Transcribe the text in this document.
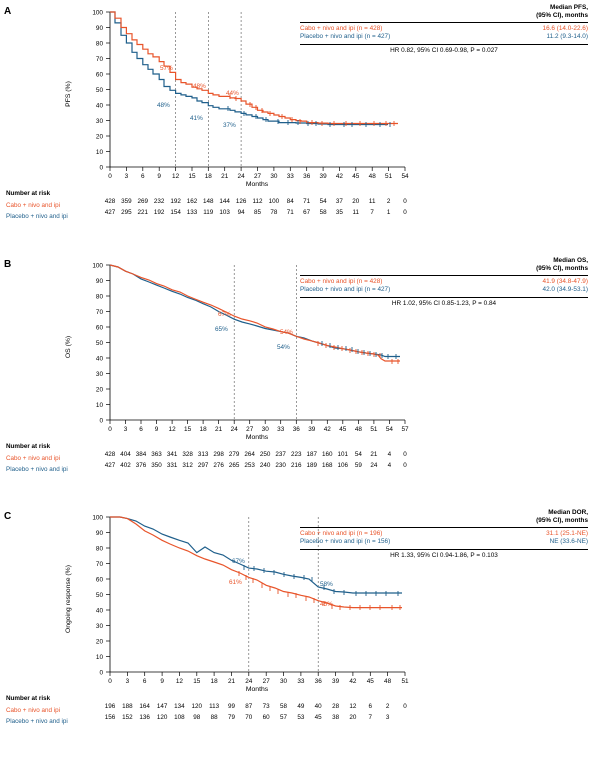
A
0
10
20
30
40
50
60
70
80
90
100
PFS (%)
0 3 6 9 12 15 18 21 24 27 30 33 36 39 42 45 48 51 54
Months
57%
48%
48%
41%
44%
37%
Median PFS,
(95% CI), months
Cabo + nivo and ipi (n = 428)	16.6 (14.0-22.6)
Placebo + nivo and ipi (n = 427)	11.2 (9.3-14.0)
HR 0.82, 95% CI 0.69-0.98, P = 0.027
Number at risk
Cabo + nivo and ipi
428 359 269 232 192 162 148 144 126 112 100 84 71 54 37 20 11 2 0
Placebo + nivo and ipi
427 295 221 192 154 133 119 103 94 85 78 71 67 58 35 11 7 1 0
B
0
10
20
30
40
50
60
70
80
90
100
OS (%)
0 3 6 9 12 15 18 21 24 27 30 33 36 39 42 45 48 51 54 57
Months
67%
65%	54%
54%
Median OS,
(95% CI), months
Cabo + nivo and ipi (n = 428)	41.9 (34.8-47.9)
Placebo + nivo and ipi (n = 427)	42.0 (34.9-53.1)
HR 1.02, 95% CI 0.85-1.23, P = 0.84
Number at risk
Cabo + nivo and ipi
428 404 384 363 341 328 313 298 279 264 250 237 223 187 160 101 54 21 4 0
Placebo + nivo and ipi
427 402 376 350 331 312 297 276 265 253 240 230 216 189 168 106 59 24 4 0
C
0
10
20
30
40
50
60
70
80
90
100
Ongoing response (%)
0 3 6 9 12 15 18 21 24 27 30 33 36 39 42 45 48 51
Months
67%
61%	58%
46%
Median DOR,
(95% CI), months
Cabo + nivo and ipi (n = 196)	31.1 (25.1-NE)
Placebo + nivo and ipi (n = 156)	NE (33.6-NE)
HR 1.33, 95% CI 0.94-1.86, P = 0.103
Number at risk
Cabo + nivo and ipi
196 188 164 147 134 120 113 99 87 73 58 49 40 28 12 6 2 0
Placebo + nivo and ipi
156 152 136 120 108 98 88 79 70 60 57 53 45 38 20 7 3
